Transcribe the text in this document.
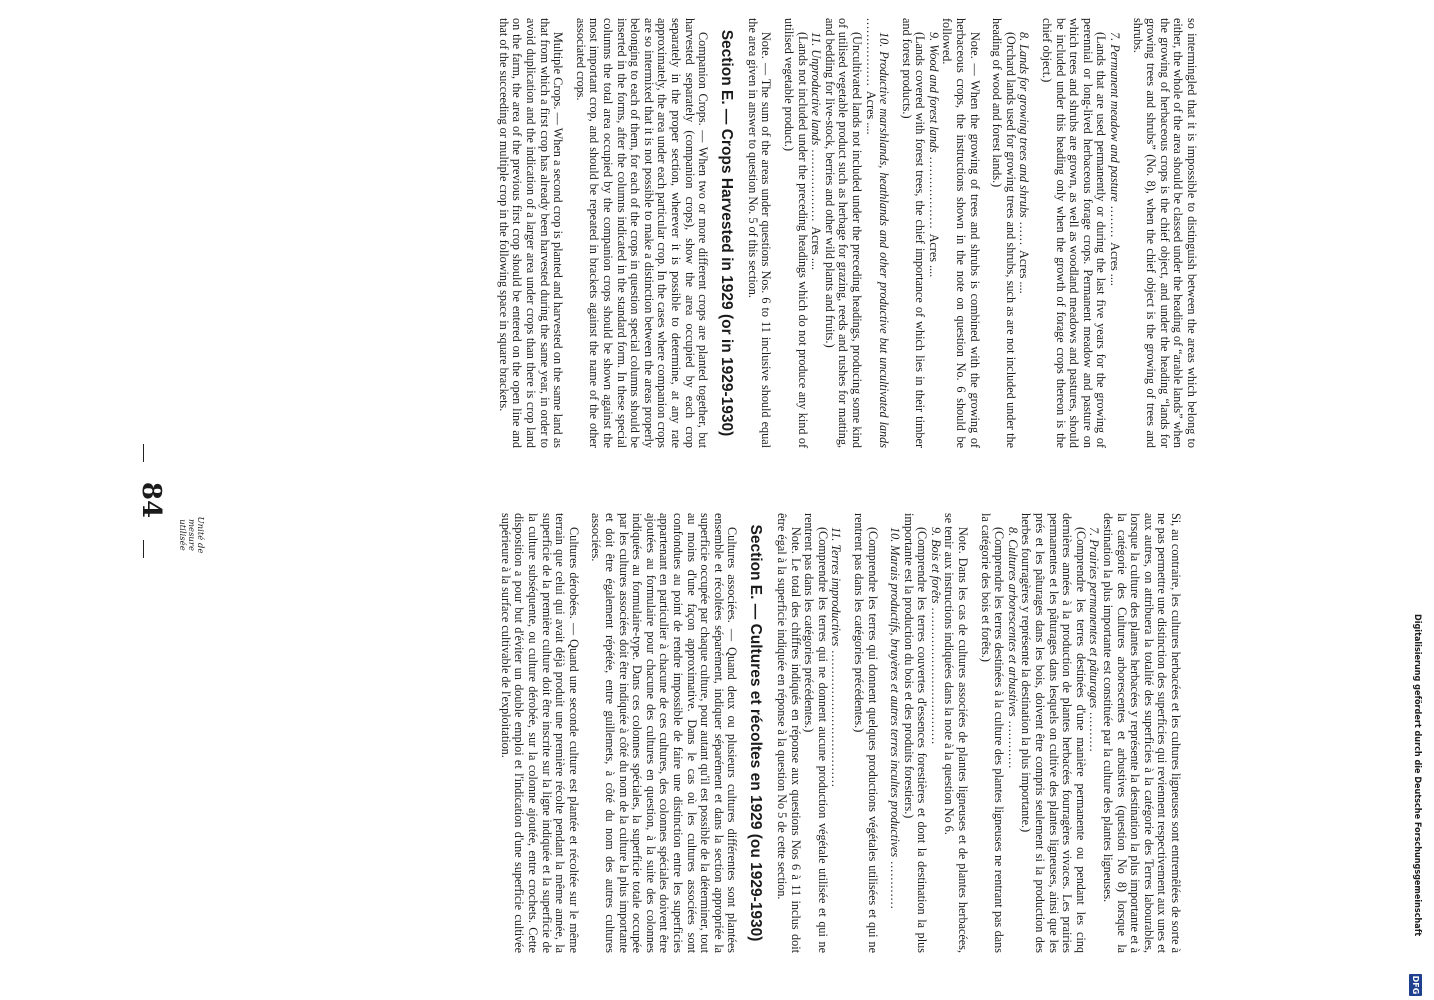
84
Unité de mesure utilisée

so intermingled that it is impossible to distinguish between the areas which belong to either, the whole of the area should be classed under the heading of “arable lands” when the growing of herbaceous crops is the chief object, and under the heading “lands for growing trees and shrubs” (No. 8), when the chief object is the growing of trees and shrubs.

7. Permanent meadow and pasture ........ Acres ....

(Lands that are used permanently or during the last five years for the growing of perennial or long-lived herbaceous forage crops. Permanent meadow and pasture on which trees and shrubs are grown, as well as woodland meadows and pastures, should be included under this heading only when the growth of forage crops thereon is the chief object.)

8. Lands for growing trees and shrubs ...... Acres ....

(Orchard lands used for growing trees and shrubs, such as are not included under the heading of wood and forest lands.)

Note. — When the growing of trees and shrubs is combined with the growing of herbaceous crops, the instructions shown in the note on question No. 6 should be followed.

9. Wood and forest lands .................. Acres ....

(Lands covered with forest trees, the chief importance of which lies in their timber and forest products.)

10. Productive marshlands, heathlands and other productive but uncultivated lands ................. Acres ....

(Uncultivated lands not included under the preceding headings, producing some kind of utilised vegetable product such as herbage for grazing, reeds and rushes for matting, and bedding for live-stock, berries and other wild plants and fruits.)

11. Unproductive lands .................. Acres ....

(Lands not included under the preceding headings which do not produce any kind of utilised vegetable product.)

Note. — The sum of the areas under questions Nos. 6 to 11 inclusive should equal the area given in answer to question No. 5 of this section.

Section E. — Crops Harvested in 1929 (or in 1929-1930)

Companion Crops. — When two or more different crops are planted together, but harvested separately (companion crops), show the area occupied by each crop separately in the proper section, wherever it is possible to determine, at any rate approximately, the area under each particular crop. In the cases where companion crops are so intermixed that it is not possible to make a distinction between the areas properly belonging to each of them, for each of the crops in question special columns should be inserted in the forms, after the columns indicated in the standard form. In these special columns the total area occupied by the companion crops should be shown against the most important crop, and should be repeated in brackets against the name of the other associated crops.

Multiple Crops. — When a second crop is planted and harvested on the same land as that from which a first crop has already been harvested during the same year, in order to avoid duplication and the indication of a larger area under crops than there is crop land on the farm, the area of the previous first crop should be entered on the open line and that of the succeeding or multiple crop in the following space in square brackets.

Si, au contraire, les cultures herbacées et les cultures ligneuses sont entremêlées de sorte à ne pas permettre une distinction des superficies qui reviennent respectivement aux unes et aux autres, on attribuera la totalité des superficies à la catégorie des Terres labourables, lorsque la culture des plantes herbacées y représente la destination la plus importante et à la catégorie des Cultures arborescentes et arbustives (question No 8) lorsque la destination la plus importante est constituée par la culture des plantes ligneuses.

7. Prairies permanentes et pâturages ..........

(Comprendre les terres destinées d'une manière permanente ou pendant les cinq dernières années à la production de plantes herbacées fourragères vivaces. Les prairies permanentes et les pâturages dans lesquels on cultive des plantes ligneuses, ainsi que les prés et les pâturages dans les bois, doivent être compris seulement si la production des herbes fourragères y représente la destination la plus importante.)

8. Cultures arborescentes et arbustives ............

(Comprendre les terres destinées à la culture des plantes ligneuses ne rentrant pas dans la catégorie des bois et forêts.)

Note. Dans les cas de cultures associées de plantes ligneuses et de plantes herbacées, se tenir aux instructions indiquées dans la note à la question No 6.

9. Bois et forêts ..................................

(Comprendre les terres couvertes d'essences forestières et dont la destination la plus importante est la production du bois et des produits forestiers.)

10. Marais productifs, bruyères et autres terres incultes productives ............

(Comprendre les terres qui donnent quelques productions végétales utilisées et qui ne rentrent pas dans les catégories précédentes.)

11. Terres improductives ..................................

(Comprendre les terres qui ne donnent aucune production végétale utilisée et qui ne rentrent pas dans les catégories précédentes.)

Note. Le total des chiffres indiqués en réponse aux questions Nos 6 à 11 inclus doit être égal à la superficie indiquée en réponse à la question No 5 de cette section.

Section E. — Cultures et récoltes en 1929 (ou 1929-1930)

Cultures associées. — Quand deux ou plusieurs cultures différentes sont plantées ensemble et récoltées séparément, indiquer séparément et dans la section appropriée la superficie occupée par chaque culture, pour autant qu'il est possible de la déterminer, tout au moins d'une façon approximative. Dans le cas où les cultures associées sont confondues au point de rendre impossible de faire une distinction entre les superficies appartenant en particulier à chacune de ces cultures, des colonnes spéciales doivent être ajoutées au formulaire pour chacune des cultures en question, à la suite des colonnes indiquées au formulaire-type. Dans ces colonnes spéciales, la superficie totale occupée par les cultures associées doit être indiquée à côté du nom de la culture la plus importante et doit être également répétée, entre guillemets, à côté du nom des autres cultures associées.

Cultures dérobées. — Quand une seconde culture est plantée et récoltée sur le même terrain que celui qui avait déjà produit une première récolte pendant la même année, la superficie de la première culture doit être inscrite sur la ligne indiquée et la superficie de la culture subséquente, ou culture dérobée, sur la colonne ajoutée, entre crochets. Cette disposition a pour but d'éviter un double emploi et l'indication d'une superficie cultivée supérieure à la surface cultivable de l'exploitation.	Digitalisierung gefördert durch die Deutsche Forschungsgemeinschaft
DFG
